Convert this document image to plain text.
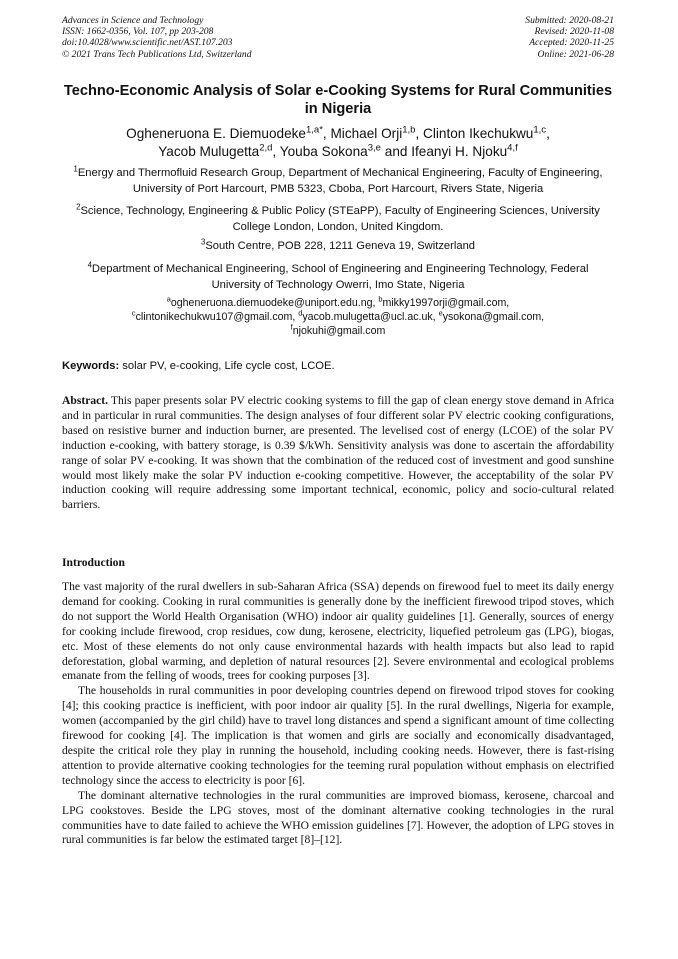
Advances in Science and Technology
ISSN: 1662-0356, Vol. 107, pp 203-208
doi:10.4028/www.scientific.net/AST.107.203
© 2021 Trans Tech Publications Ltd, Switzerland
Submitted: 2020-08-21
Revised: 2020-11-08
Accepted: 2020-11-25
Online: 2021-06-28
Techno-Economic Analysis of Solar e-Cooking Systems for Rural Communities in Nigeria
Ogheneruona E. Diemuodeke$^{1,a*}$, Michael Orji$^{1,b}$, Clinton Ikechukwu$^{1,c}$,
Yacob Mulugetta$^{2,d}$, Youba Sokona$^{3,e}$ and Ifeanyi H. Njoku$^{4,f}$
$^1$Energy and Thermofluid Research Group, Department of Mechanical Engineering, Faculty of Engineering, University of Port Harcourt, PMB 5323, Cboba, Port Harcourt, Rivers State, Nigeria
$^2$Science, Technology, Engineering & Public Policy (STEaPP), Faculty of Engineering Sciences, University College London, London, United Kingdom.
$^3$South Centre, POB 228, 1211 Geneva 19, Switzerland
$^4$Department of Mechanical Engineering, School of Engineering and Engineering Technology, Federal University of Technology Owerri, Imo State, Nigeria
$^a$ogheneruona.diemuodeke@uniport.edu.ng, $^b$mikky1997orji@gmail.com,
$^c$clintonikechukwu107@gmail.com, $^d$yacob.mulugetta@ucl.ac.uk, $^e$ysokona@gmail.com,
$^f$njokuhi@gmail.com
Keywords: solar PV, e-cooking, Life cycle cost, LCOE.
Abstract. This paper presents solar PV electric cooking systems to fill the gap of clean energy stove demand in Africa and in particular in rural communities. The design analyses of four different solar PV electric cooking configurations, based on resistive burner and induction burner, are presented. The levelised cost of energy (LCOE) of the solar PV induction e-cooking, with battery storage, is 0.39 $/kWh. Sensitivity analysis was done to ascertain the affordability range of solar PV e-cooking. It was shown that the combination of the reduced cost of investment and good sunshine would most likely make the solar PV induction e-cooking competitive. However, the acceptability of the solar PV induction cooking will require addressing some important technical, economic, policy and socio-cultural related barriers.
Introduction

The vast majority of the rural dwellers in sub-Saharan Africa (SSA) depends on firewood fuel to meet its daily energy demand for cooking. Cooking in rural communities is generally done by the inefficient firewood tripod stoves, which do not support the World Health Organisation (WHO) indoor air quality guidelines [1]. Generally, sources of energy for cooking include firewood, crop residues, cow dung, kerosene, electricity, liquefied petroleum gas (LPG), biogas, etc. Most of these elements do not only cause environmental hazards with health impacts but also lead to rapid deforestation, global warming, and depletion of natural resources [2]. Severe environmental and ecological problems emanate from the felling of woods, trees for cooking purposes [3].

The households in rural communities in poor developing countries depend on firewood tripod stoves for cooking [4]; this cooking practice is inefficient, with poor indoor air quality [5]. In the rural dwellings, Nigeria for example, women (accompanied by the girl child) have to travel long distances and spend a significant amount of time collecting firewood for cooking [4]. The implication is that women and girls are socially and economically disadvantaged, despite the critical role they play in running the household, including cooking needs. However, there is fast-rising attention to provide alternative cooking technologies for the teeming rural population without emphasis on electrified technology since the access to electricity is poor [6].

The dominant alternative technologies in the rural communities are improved biomass, kerosene, charcoal and LPG cookstoves. Beside the LPG stoves, most of the dominant alternative cooking technologies in the rural communities have to date failed to achieve the WHO emission guidelines [7]. However, the adoption of LPG stoves in rural communities is far below the estimated target [8]–[12].
